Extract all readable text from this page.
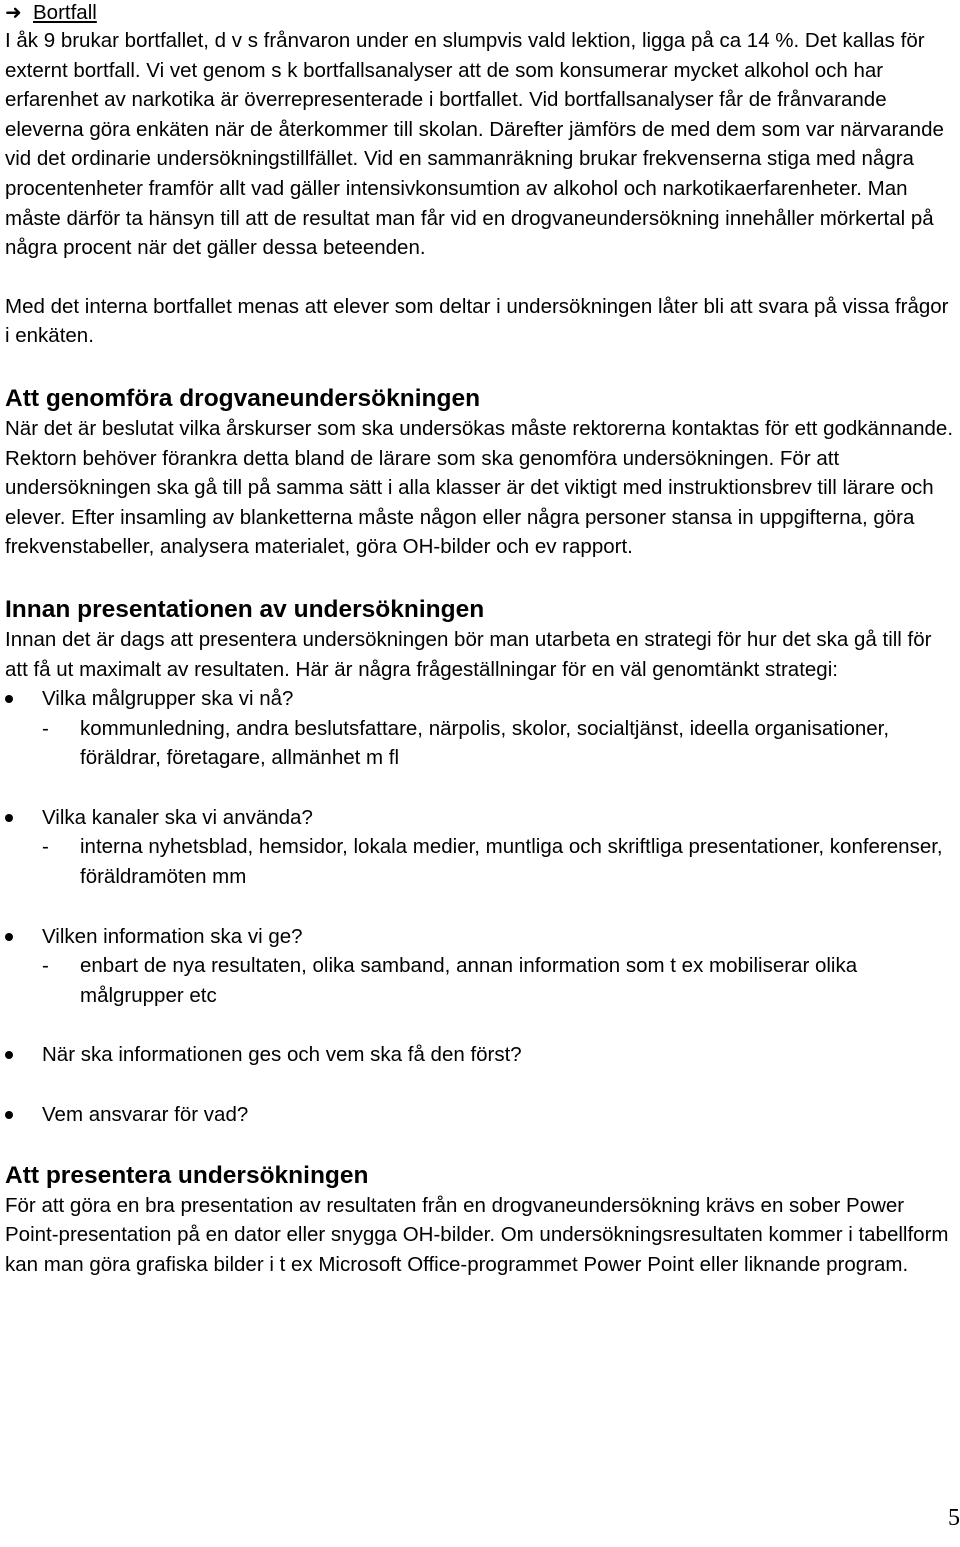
➜ Bortfall

I åk 9 brukar bortfallet, d v s frånvaron under en slumpvis vald lektion, ligga på ca 14 %. Det kallas för externt bortfall. Vi vet genom s k bortfallsanalyser att de som konsumerar mycket alkohol och har erfarenhet av narkotika är överrepresenterade i bortfallet. Vid bortfallsanalyser får de frånvarande eleverna göra enkäten när de återkommer till skolan. Därefter jämförs de med dem som var närvarande vid det ordinarie undersökningstillfället. Vid en sammanräkning brukar frekvenserna stiga med några procentenheter framför allt vad gäller intensivkonsumtion av alkohol och narkotikaerfarenheter. Man måste därför ta hänsyn till att de resultat man får vid en drogvaneundersökning innehåller mörkertal på några procent när det gäller dessa beteenden.

Med det interna bortfallet menas att elever som deltar i undersökningen låter bli att svara på vissa frågor i enkäten.

Att genomföra drogvaneundersökningen

När det är beslutat vilka årskurser som ska undersökas måste rektorerna kontaktas för ett godkännande. Rektorn behöver förankra detta bland de lärare som ska genomföra undersökningen. För att undersökningen ska gå till på samma sätt i alla klasser är det viktigt med instruktionsbrev till lärare och elever. Efter insamling av blanketterna måste någon eller några personer stansa in uppgifterna, göra frekvenstabeller, analysera materialet, göra OH-bilder och ev rapport.

Innan presentationen av undersökningen

Innan det är dags att presentera undersökningen bör man utarbeta en strategi för hur det ska gå till för att få ut maximalt av resultaten. Här är några frågeställningar för en väl genomtänkt strategi:

Vilka målgrupper ska vi nå?
- kommunledning, andra beslutsfattare, närpolis, skolor, socialtjänst, ideella organisationer, föräldrar, företagare, allmänhet m fl
Vilka kanaler ska vi använda?
- interna nyhetsblad, hemsidor, lokala medier, muntliga och skriftliga presentationer, konferenser, föräldramöten mm
Vilken information ska vi ge?
- enbart de nya resultaten, olika samband, annan information som t ex mobiliserar olika målgrupper etc
När ska informationen ges och vem ska få den först?
Vem ansvarar för vad?
Att presentera undersökningen

För att göra en bra presentation av resultaten från en drogvaneundersökning krävs en sober Power Point-presentation på en dator eller snygga OH-bilder. Om undersökningsresultaten kommer i tabellform kan man göra grafiska bilder i t ex Microsoft Office-programmet Power Point eller liknande program.

5
